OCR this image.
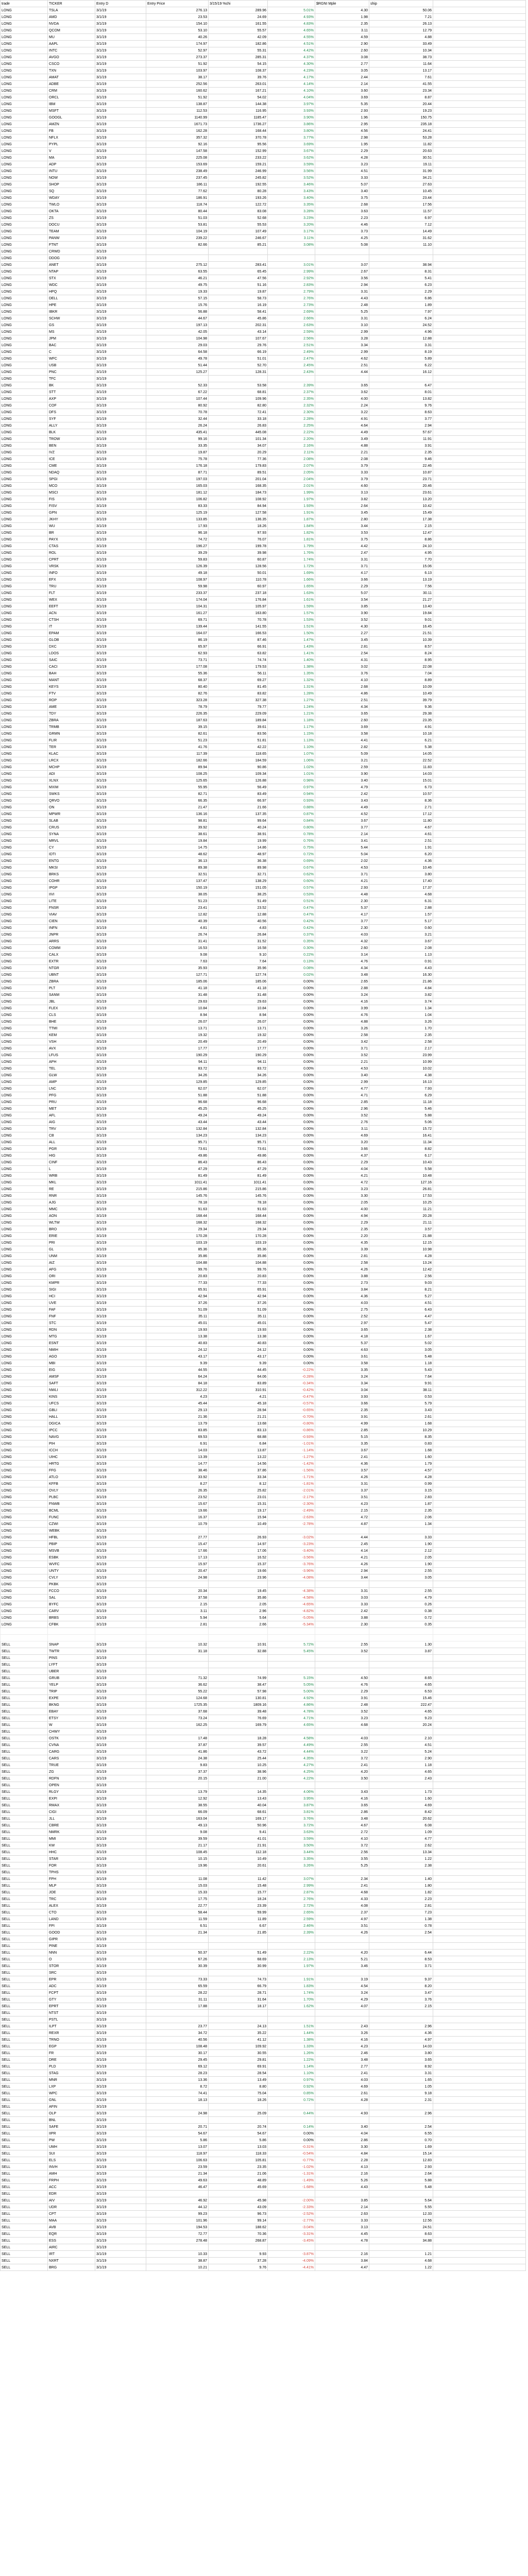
trade	TICKER	Entry D	Entry Price	3/15/19 %chi		$RGNI Mple	ship	
LONG	TSLA	3/1/19	276.13	289.96	5.01%	4.30	50.06	
LONG	AMD	3/1/19	23.53	24.69	4.93%	1.98	7.21	
LONG	NVDA	3/1/19	154.10	161.55	4.83%	2.35	26.13	
LONG	QCOM	3/1/19	53.10	55.57	4.65%	3.11	12.79	
LONG	MU	3/1/19	40.26	42.09	4.55%	4.59	4.88	
LONG	AAPL	3/1/19	174.97	182.86	4.51%	2.90	33.49	
LONG	INTC	3/1/19	52.97	55.31	4.42%	2.60	10.34	
LONG	AVGO	3/1/19	273.37	285.31	4.37%	3.08	38.73	
LONG	CSCO	3/1/19	51.92	54.15	4.30%	2.77	11.64	
LONG	TXN	3/1/19	103.97	108.37	4.23%	3.05	13.17	
LONG	AMAT	3/1/19	38.17	39.76	4.17%	2.44	7.61	
LONG	ADBE	3/1/19	252.56	263.01	4.14%	2.14	41.55	
LONG	CRM	3/1/19	160.62	167.21	4.10%	3.60	23.34	
LONG	ORCL	3/1/19	51.92	54.02	4.04%	3.69	8.87	
LONG	IBM	3/1/19	138.87	144.38	3.97%	5.35	20.44	
LONG	MSFT	3/1/19	112.53	116.95	3.93%	2.93	19.23	
LONG	GOOGL	3/1/19	1140.99	1185.47	3.90%	1.96	150.75	
LONG	AMZN	3/1/19	1671.73	1736.27	3.86%	2.95	235.18	
LONG	FB	3/1/19	162.28	168.44	3.80%	4.56	24.41	
LONG	NFLX	3/1/19	357.32	370.78	3.77%	2.98	53.28	
LONG	PYPL	3/1/19	92.16	95.56	3.69%	1.95	11.82	
LONG	V	3/1/19	147.58	152.99	3.67%	2.29	20.63	
LONG	MA	3/1/19	225.08	233.22	3.62%	4.28	30.51	
LONG	ADP	3/1/19	153.69	159.21	3.59%	3.23	19.11	
LONG	INTU	3/1/19	238.49	246.99	3.56%	4.51	31.99	
LONG	NOW	3/1/19	237.45	245.82	3.52%	3.33	34.21	
LONG	SHOP	3/1/19	186.11	192.55	3.46%	5.07	27.63	
LONG	SQ	3/1/19	77.62	80.28	3.43%	3.40	10.45	
LONG	WDAY	3/1/19	186.91	193.26	3.40%	3.75	23.44	
LONG	TWLO	3/1/19	118.74	122.72	3.35%	2.68	17.56	
LONG	OKTA	3/1/19	80.44	83.08	3.28%	3.63	11.57	
LONG	ZS	3/1/19	51.03	52.68	3.23%	2.23	6.97	
LONG	DOCU	3/1/19	53.81	55.53	3.20%	4.46	7.12	
LONG	TEAM	3/1/19	104.19	107.49	3.17%	3.73	14.49	
LONG	PANW	3/1/19	239.22	246.67	3.11%	4.25	31.62	
LONG	FTNT	3/1/19	82.66	85.21	3.08%	5.08	11.10	
LONG	CRWD	3/1/19						
LONG	DDOG	3/1/19						
LONG	ANET	3/1/19	275.12	283.41	3.01%	3.07	38.94	
LONG	NTAP	3/1/19	63.55	65.45	2.99%	2.67	8.31	
LONG	STX	3/1/19	46.21	47.56	2.92%	3.56	5.41	
LONG	WDC	3/1/19	49.75	51.16	2.83%	2.94	6.23	
LONG	HPQ	3/1/19	19.33	19.87	2.79%	3.31	2.29	
LONG	DELL	3/1/19	57.15	58.73	2.76%	4.43	6.86	
LONG	HPE	3/1/19	15.76	16.19	2.73%	2.48	1.89	
LONG	IBKR	3/1/19	56.88	58.41	2.69%	5.25	7.97	
LONG	SCHW	3/1/19	44.67	45.86	2.66%	3.31	6.24	
LONG	GS	3/1/19	197.13	202.31	2.63%	3.10	24.52	
LONG	MS	3/1/19	42.05	43.14	2.59%	2.99	4.96	
LONG	JPM	3/1/19	104.98	107.67	2.56%	3.28	12.88	
LONG	BAC	3/1/19	29.03	29.76	2.51%	3.34	3.31	
LONG	C	3/1/19	64.58	66.19	2.49%	2.99	8.19	
LONG	WFC	3/1/19	49.78	51.01	2.47%	4.62	5.89	
LONG	USB	3/1/19	51.44	52.70	2.45%	2.51	6.22	
LONG	PNC	3/1/19	125.27	128.31	2.43%	4.44	16.12	
LONG	TFC	3/1/19						
LONG	BK	3/1/19	52.33	53.58	2.39%	3.65	6.47	
LONG	STT	3/1/19	67.22	68.81	2.37%	3.62	8.01	
LONG	AXP	3/1/19	107.44	109.96	2.35%	4.00	13.82	
LONG	COF	3/1/19	80.92	82.80	2.32%	2.24	9.76	
LONG	DFS	3/1/19	70.78	72.41	2.30%	3.22	8.63	
LONG	SYF	3/1/19	32.44	33.18	2.28%	4.91	3.77	
LONG	ALLY	3/1/19	26.24	26.83	2.25%	4.64	2.94	
LONG	BLK	3/1/19	435.41	445.08	2.22%	4.49	57.67	
LONG	TROW	3/1/19	99.16	101.34	2.20%	3.49	11.91	
LONG	BEN	3/1/19	33.35	34.07	2.16%	4.88	3.91	
LONG	IVZ	3/1/19	19.87	20.29	2.11%	2.21	2.35	
LONG	ICE	3/1/19	75.78	77.36	2.08%	2.08	9.46	
LONG	CME	3/1/19	176.18	179.83	2.07%	3.79	22.46	
LONG	NDAQ	3/1/19	87.71	89.51	2.05%	3.33	10.87	
LONG	SPGI	3/1/19	197.03	201.04	2.04%	3.79	23.71	
LONG	MCO	3/1/19	165.03	168.35	2.01%	4.60	20.46	
LONG	MSCI	3/1/19	181.12	184.73	1.99%	3.13	23.61	
LONG	FIS	3/1/19	106.82	108.92	1.97%	3.82	13.20	
LONG	FISV	3/1/19	83.33	84.94	1.93%	2.64	10.42	
LONG	GPN	3/1/19	125.19	127.58	1.91%	3.45	15.49	
LONG	JKHY	3/1/19	133.85	136.35	1.87%	2.80	17.38	
LONG	WU	3/1/19	17.93	18.26	1.84%	3.44	2.15	
LONG	BR	3/1/19	96.18	97.93	1.82%	3.53	12.47	
LONG	PAYX	3/1/19	74.72	76.07	1.81%	3.75	8.86	
LONG	CTAS	3/1/19	196.27	199.78	1.79%	4.42	24.10	
LONG	ROL	3/1/19	39.29	39.98	1.76%	2.47	4.95	
LONG	CPRT	3/1/19	59.83	60.87	1.74%	3.31	7.70	
LONG	VRSK	3/1/19	126.39	128.56	1.72%	3.71	15.06	
LONG	INFO	3/1/19	49.18	50.01	1.69%	4.17	6.13	
LONG	EFX	3/1/19	108.97	110.78	1.66%	3.66	13.19	
LONG	TRU	3/1/19	59.98	60.97	1.65%	2.29	7.56	
LONG	FLT	3/1/19	233.37	237.18	1.63%	5.07	30.11	
LONG	WEX	3/1/19	174.04	176.84	1.61%	3.54	21.27	
LONG	EEFT	3/1/19	104.31	105.97	1.59%	3.85	13.40	
LONG	ACN	3/1/19	161.27	163.80	1.57%	3.90	19.84	
LONG	CTSH	3/1/19	69.71	70.78	1.53%	3.52	9.01	
LONG	IT	3/1/19	139.44	141.55	1.51%	4.30	16.45	
LONG	EPAM	3/1/19	164.07	166.53	1.50%	2.27	21.51	
LONG	GLOB	3/1/19	86.19	87.46	1.47%	3.45	10.39	
LONG	DXC	3/1/19	65.97	66.91	1.43%	2.81	8.57	
LONG	LDOS	3/1/19	62.93	63.82	1.41%	2.54	8.24	
LONG	SAIC	3/1/19	73.71	74.74	1.40%	4.31	8.95	
LONG	CACI	3/1/19	177.08	179.53	1.38%	3.02	22.08	
LONG	BAH	3/1/19	55.36	56.11	1.35%	3.76	7.04	
LONG	MANT	3/1/19	68.37	69.27	1.32%	4.10	8.89	
LONG	KEYS	3/1/19	80.40	81.45	1.31%	2.68	10.09	
LONG	FTV	3/1/19	82.76	83.82	1.28%	4.86	10.49	
LONG	ROP	3/1/19	323.28	327.38	1.27%	2.51	39.79	
LONG	AME	3/1/19	78.79	79.77	1.24%	4.34	9.36	
LONG	TDY	3/1/19	226.35	229.09	1.21%	3.65	29.38	
LONG	ZBRA	3/1/19	187.63	189.84	1.18%	2.60	23.35	
LONG	TRMB	3/1/19	39.15	39.61	1.17%	3.69	4.91	
LONG	GRMN	3/1/19	82.61	83.56	1.15%	3.58	10.18	
LONG	FLIR	3/1/19	51.23	51.81	1.13%	4.41	6.21	
LONG	TER	3/1/19	41.76	42.22	1.10%	2.82	5.38	
LONG	KLAC	3/1/19	117.39	118.65	1.07%	5.09	14.05	
LONG	LRCX	3/1/19	182.66	184.59	1.06%	3.21	22.52	
LONG	MCHP	3/1/19	89.94	90.86	1.02%	2.59	11.83	
LONG	ADI	3/1/19	108.25	109.34	1.01%	3.90	14.03	
LONG	XLNX	3/1/19	125.65	126.88	0.98%	3.40	15.01	
LONG	MXIM	3/1/19	55.95	56.49	0.97%	4.79	6.73	
LONG	SWKS	3/1/19	82.71	83.49	0.94%	2.42	10.57	
LONG	QRVO	3/1/19	66.35	66.97	0.93%	3.43	8.36	
LONG	ON	3/1/19	21.47	21.66	0.88%	4.49	2.71	
LONG	MPWR	3/1/19	136.16	137.35	0.87%	4.52	17.12	
LONG	SLAB	3/1/19	98.81	99.64	0.84%	3.67	11.80	
LONG	CRUS	3/1/19	39.92	40.24	0.80%	3.77	4.67	
LONG	SYNA	3/1/19	38.61	38.91	0.78%	2.14	4.61	
LONG	MRVL	3/1/19	19.84	19.99	0.76%	3.41	2.51	
LONG	CY	3/1/19	14.75	14.86	0.75%	5.44	1.91	
LONG	IDTI	3/1/19	48.62	48.97	0.72%	5.04	6.20	
LONG	ENTG	3/1/19	36.13	36.38	0.69%	2.02	4.36	
LONG	MKSI	3/1/19	89.38	89.98	0.67%	4.53	10.46	
LONG	BRKS	3/1/19	32.51	32.71	0.62%	3.71	3.80	
LONG	COHR	3/1/19	137.47	138.29	0.60%	4.21	17.40	
LONG	IPGP	3/1/19	150.19	151.05	0.57%	2.93	17.37	
LONG	IIVI	3/1/19	38.05	38.25	0.53%	4.48	4.68	
LONG	LITE	3/1/19	51.23	51.49	0.51%	2.30	6.31	
LONG	FNSR	3/1/19	23.41	23.52	0.47%	5.37	2.88	
LONG	VIAV	3/1/19	12.82	12.88	0.47%	4.17	1.57	
LONG	CIEN	3/1/19	40.39	40.56	0.42%	3.77	5.17	
LONG	INFN	3/1/19	4.81	4.83	0.42%	2.30	0.60	
LONG	JNPR	3/1/19	26.74	26.84	0.37%	4.03	3.21	
LONG	ARRS	3/1/19	31.41	31.52	0.35%	4.32	3.67	
LONG	COMM	3/1/19	16.53	16.58	0.30%	2.60	2.08	
LONG	CALX	3/1/19	9.08	9.10	0.22%	3.14	1.13	
LONG	EXTR	3/1/19	7.63	7.64	0.13%	4.76	0.91	
LONG	NTGR	3/1/19	35.93	35.96	0.08%	4.34	4.43	
LONG	UBNT	3/1/19	127.71	127.74	0.02%	3.48	16.30	
LONG	ZBRA	3/1/19	185.06	185.06	0.00%	2.65	21.86	
LONG	PLT	3/1/19	41.18	41.18	0.00%	2.88	4.84	
LONG	SANM	3/1/19	31.48	31.48	0.00%	3.24	3.82	
LONG	JBL	3/1/19	29.63	29.63	0.00%	4.16	3.74	
LONG	FLEX	3/1/19	10.84	10.84	0.00%	3.99	1.34	
LONG	CLS	3/1/19	8.94	8.94	0.00%	4.76	1.04	
LONG	BHE	3/1/19	26.07	26.07	0.00%	4.88	3.26	
LONG	TTMI	3/1/19	13.71	13.71	0.00%	3.26	1.70	
LONG	KEM	3/1/19	19.32	19.32	0.00%	2.58	2.35	
LONG	VSH	3/1/19	20.49	20.49	0.00%	3.42	2.58	
LONG	AVX	3/1/19	17.77	17.77	0.00%	3.71	2.17	
LONG	LFUS	3/1/19	190.29	190.29	0.00%	3.52	23.99	
LONG	APH	3/1/19	94.11	94.11	0.00%	2.21	10.99	
LONG	TEL	3/1/19	83.72	83.72	0.00%	4.53	10.02	
LONG	GLW	3/1/19	34.26	34.26	0.00%	3.40	4.38	
LONG	AMP	3/1/19	129.85	129.85	0.00%	2.99	16.13	
LONG	LNC	3/1/19	62.07	62.07	0.00%	4.77	7.93	
LONG	PFG	3/1/19	51.88	51.88	0.00%	4.71	6.29	
LONG	PRU	3/1/19	96.68	96.68	0.00%	2.85	11.18	
LONG	MET	3/1/19	45.25	45.25	0.00%	2.96	5.46	
LONG	AFL	3/1/19	49.24	49.24	0.00%	3.52	5.88	
LONG	AIG	3/1/19	43.44	43.44	0.00%	2.76	5.06	
LONG	TRV	3/1/19	132.84	132.84	0.00%	3.11	15.72	
LONG	CB	3/1/19	134.23	134.23	0.00%	4.69	16.41	
LONG	ALL	3/1/19	95.71	95.71	0.00%	3.20	11.34	
LONG	PGR	3/1/19	73.61	73.61	0.00%	3.66	8.82	
LONG	HIG	3/1/19	49.86	49.86	0.00%	4.37	6.17	
LONG	CINF	3/1/19	86.43	86.43	0.00%	2.29	10.43	
LONG	L	3/1/19	47.29	47.29	0.00%	4.04	5.58	
LONG	WRB	3/1/19	81.49	81.49	0.00%	4.21	10.48	
LONG	MKL	3/1/19	1011.41	1011.41	0.00%	4.72	127.16	
LONG	RE	3/1/19	215.86	215.86	0.00%	3.23	26.81	
LONG	RNR	3/1/19	145.76	145.76	0.00%	3.30	17.53	
LONG	AJG	3/1/19	78.18	78.18	0.00%	2.05	10.25	
LONG	MMC	3/1/19	91.63	91.63	0.00%	4.00	11.21	
LONG	AON	3/1/19	168.44	168.44	0.00%	4.94	20.28	
LONG	WLTW	3/1/19	168.32	168.32	0.00%	2.29	21.11	
LONG	BRO	3/1/19	29.34	29.34	0.00%	2.35	3.57	
LONG	ERIE	3/1/19	170.28	170.28	0.00%	2.20	21.88	
LONG	PRI	3/1/19	103.19	103.19	0.00%	4.35	12.15	
LONG	GL	3/1/19	85.36	85.36	0.00%	3.39	10.98	
LONG	UNM	3/1/19	35.86	35.86	0.00%	2.81	4.28	
LONG	AIZ	3/1/19	104.88	104.88	0.00%	2.58	13.24	
LONG	AFG	3/1/19	99.76	99.76	0.00%	4.26	12.42	
LONG	ORI	3/1/19	20.83	20.83	0.00%	3.88	2.56	
LONG	KMPR	3/1/19	77.33	77.33	0.00%	2.73	9.03	
LONG	SIGI	3/1/19	65.91	65.91	0.00%	3.84	8.21	
LONG	HCI	3/1/19	42.94	42.94	0.00%	4.36	5.27	
LONG	UVE	3/1/19	37.26	37.26	0.00%	4.03	4.51	
LONG	FAF	3/1/19	51.09	51.09	0.00%	2.75	6.43	
LONG	FNF	3/1/19	35.11	35.11	0.00%	2.52	4.47	
LONG	STC	3/1/19	45.01	45.01	0.00%	2.97	5.47	
LONG	RDN	3/1/19	19.93	19.93	0.00%	3.65	2.38	
LONG	MTG	3/1/19	13.38	13.38	0.00%	4.18	1.67	
LONG	ESNT	3/1/19	40.83	40.83	0.00%	5.37	5.02	
LONG	NMIH	3/1/19	24.12	24.12	0.00%	4.63	3.05	
LONG	AGO	3/1/19	43.17	43.17	0.00%	3.61	5.48	
LONG	MBI	3/1/19	9.39	9.39	0.00%	3.58	1.18	
LONG	EIG	3/1/19	44.55	44.45	-0.22%	3.35	5.43	
LONG	AMSF	3/1/19	64.24	64.06	-0.28%	3.24	7.64	
LONG	SAFT	3/1/19	84.18	83.89	-0.34%	3.34	9.91	
LONG	NWLI	3/1/19	312.22	310.91	-0.42%	3.04	38.11	
LONG	KINS	3/1/19	4.23	4.21	-0.47%	3.93	0.53	
LONG	UFCS	3/1/19	45.44	45.18	-0.57%	3.66	5.79	
LONG	GBLI	3/1/19	29.13	28.94	-0.65%	2.35	3.43	
LONG	HALL	3/1/19	21.36	21.21	-0.70%	3.91	2.61	
LONG	DGICA	3/1/19	13.79	13.68	-0.80%	4.99	1.68	
LONG	IPCC	3/1/19	83.85	83.13	-0.86%	2.85	10.29	
LONG	NAVG	3/1/19	69.53	68.88	-0.93%	5.15	8.35	
LONG	PIH	3/1/19	6.91	6.84	-1.01%	3.35	0.83	
LONG	ICCH	3/1/19	14.03	13.87	-1.14%	3.67	1.68	
LONG	UIHC	3/1/19	13.39	13.22	-1.27%	2.41	1.60	
LONG	HRTG	3/1/19	14.77	14.56	-1.42%	4.36	1.79	
LONG	FFG	3/1/19	38.46	37.86	-1.56%	3.57	4.57	
LONG	ATLO	3/1/19	33.92	33.34	-1.71%	4.26	4.28	
LONG	KFFB	3/1/19	8.27	8.12	-1.81%	3.31	0.99	
LONG	OVLY	3/1/19	26.35	25.82	-2.01%	3.37	3.15	
LONG	PLBC	3/1/19	23.52	23.01	-2.17%	3.51	2.83	
LONG	FNWB	3/1/19	15.67	15.31	-2.30%	4.23	1.87	
LONG	BCML	3/1/19	19.66	19.17	-2.49%	2.15	2.35	
LONG	FUNC	3/1/19	16.37	15.94	-2.63%	4.72	2.06	
LONG	CZWI	3/1/19	10.79	10.49	-2.78%	4.87	1.34	
LONG	WEBK	3/1/19						
LONG	HFBL	3/1/19	27.77	26.93	-3.02%	4.44	3.33	
LONG	PBIP	3/1/19	15.47	14.97	-3.23%	2.45	1.90	
LONG	MSVB	3/1/19	17.66	17.06	-3.40%	4.14	2.12	
LONG	ESBK	3/1/19	17.13	16.52	-3.56%	4.21	2.05	
LONG	WVFC	3/1/19	15.97	15.37	-3.76%	4.26	1.90	
LONG	UNTY	3/1/19	20.47	19.66	-3.96%	2.94	2.55	
LONG	CVLY	3/1/19	24.98	23.96	-4.08%	3.44	3.05	
LONG	PKBK	3/1/19						
LONG	FCCO	3/1/19	20.34	19.45	-4.38%	3.31	2.55	
LONG	SAL	3/1/19	37.58	35.86	-4.58%	3.03	4.79	
LONG	BYFC	3/1/19	2.15	2.05	-4.65%	3.33	0.26	
LONG	CARV	3/1/19	3.11	2.96	-4.82%	2.42	0.38	
LONG	BRBS	3/1/19	5.94	5.64	-5.05%	3.88	0.72	
LONG	CFBK	3/1/19	2.81	2.66	-5.34%	2.30	0.35	

SELL	SNAP	3/1/19	10.32	10.91	5.72%	2.55	1.30	
SELL	TWTR	3/1/19	31.18	32.88	5.45%	3.52	3.87	
SELL	PINS	3/1/19						
SELL	LYFT	3/1/19						
SELL	UBER	3/1/19						
SELL	GRUB	3/1/19	71.32	74.99	5.15%	4.50	8.65	
SELL	YELP	3/1/19	36.62	38.47	5.05%	4.76	4.65	
SELL	TRIP	3/1/19	55.22	57.98	5.00%	2.29	6.53	
SELL	EXPE	3/1/19	124.68	130.81	4.92%	3.91	15.46	
SELL	BKNG	3/1/19	1725.35	1809.16	4.86%	2.48	222.47	
SELL	EBAY	3/1/19	37.68	39.48	4.78%	3.52	4.65	
SELL	ETSY	3/1/19	73.24	76.69	4.71%	3.23	9.23	
SELL	W	3/1/19	162.25	169.79	4.65%	4.68	20.24	
SELL	CHWY	3/1/19						
SELL	OSTK	3/1/19	17.48	18.28	4.58%	4.03	2.10	
SELL	CVNA	3/1/19	37.87	39.57	4.49%	2.55	4.51	
SELL	CARG	3/1/19	41.86	43.72	4.44%	3.22	5.24	
SELL	CARS	3/1/19	24.38	25.44	4.35%	3.72	2.90	
SELL	TRUE	3/1/19	9.83	10.25	4.27%	2.41	1.18	
SELL	ZG	3/1/19	37.37	38.96	4.25%	4.20	4.65	
SELL	RDFN	3/1/19	20.15	21.00	4.22%	3.50	2.43	
SELL	OPEN	3/1/19						
SELL	RLGY	3/1/19	13.79	14.35	4.06%	3.43	1.73	
SELL	EXPI	3/1/19	12.92	13.43	3.95%	4.16	1.60	
SELL	RMAX	3/1/19	38.55	40.04	3.87%	3.65	4.69	
SELL	CIGI	3/1/19	66.09	68.61	3.81%	2.86	8.42	
SELL	JLL	3/1/19	163.04	169.17	3.76%	3.48	20.62	
SELL	CBRE	3/1/19	49.13	50.96	3.72%	4.67	6.08	
SELL	NMRK	3/1/19	9.08	9.41	3.63%	2.72	1.09	
SELL	MMI	3/1/19	39.59	41.01	3.59%	4.10	4.77	
SELL	KW	3/1/19	21.17	21.91	3.50%	3.72	2.62	
SELL	HHC	3/1/19	108.45	112.18	3.44%	2.56	13.34	
SELL	STAR	3/1/19	10.15	10.49	3.35%	3.55	1.22	
SELL	FOR	3/1/19	19.96	20.61	3.26%	5.25	2.38	
SELL	TPHS	3/1/19						
SELL	FPH	3/1/19	11.08	11.42	3.07%	2.34	1.40	
SELL	MLP	3/1/19	15.03	15.48	2.99%	2.41	1.80	
SELL	JOE	3/1/19	15.33	15.77	2.87%	4.68	1.82	
SELL	TRC	3/1/19	17.75	18.24	2.76%	4.33	2.23	
SELL	ALEX	3/1/19	22.77	23.39	2.72%	4.08	2.81	
SELL	CTO	3/1/19	58.44	59.99	2.65%	2.37	7.23	
SELL	LAND	3/1/19	11.59	11.89	2.59%	4.97	1.38	
SELL	FPI	3/1/19	6.51	6.67	2.46%	3.51	0.78	
SELL	GOOD	3/1/19	21.34	21.85	2.39%	4.26	2.54	
SELL	GIPR	3/1/19						
SELL	PINE	3/1/19						
SELL	NNN	3/1/19	50.37	51.49	2.22%	4.20	6.44	
SELL	O	3/1/19	67.26	68.69	2.13%	5.21	8.53	
SELL	STOR	3/1/19	30.39	30.99	1.97%	3.46	3.71	
SELL	SRC	3/1/19						
SELL	EPR	3/1/19	73.33	74.73	1.91%	3.19	9.37	
SELL	ADC	3/1/19	65.59	66.79	1.83%	4.54	8.20	
SELL	FCPT	3/1/19	28.22	28.71	1.74%	3.24	3.47	
SELL	GTY	3/1/19	31.11	31.64	1.70%	4.29	3.76	
SELL	EPRT	3/1/19	17.88	18.17	1.62%	4.07	2.15	
SELL	NTST	3/1/19						
SELL	PSTL	3/1/19						
SELL	ILPT	3/1/19	23.77	24.13	1.51%	2.43	2.96	
SELL	REXR	3/1/19	34.72	35.22	1.44%	3.26	4.36	
SELL	TRNO	3/1/19	40.56	41.12	1.38%	4.16	4.97	
SELL	EGP	3/1/19	108.48	109.92	1.33%	4.23	14.03	
SELL	FR	3/1/19	30.17	30.55	1.26%	2.46	3.80	
SELL	DRE	3/1/19	29.45	29.81	1.22%	3.48	3.65	
SELL	PLD	3/1/19	69.12	69.91	1.14%	2.77	8.92	
SELL	STAG	3/1/19	28.23	28.54	1.10%	2.41	3.31	
SELL	MNR	3/1/19	13.36	13.49	0.97%	4.03	1.65	
SELL	LXP	3/1/19	8.72	8.80	0.92%	4.69	1.05	
SELL	WPC	3/1/19	74.41	75.04	0.85%	2.61	9.18	
SELL	GNL	3/1/19	18.13	18.26	0.72%	4.28	2.31	
SELL	AFIN	3/1/19						
SELL	OLP	3/1/19	24.98	25.09	0.44%	4.93	2.96	
SELL	BNL	3/1/19						
SELL	SAFE	3/1/19	20.71	20.74	0.14%	3.40	2.54	
SELL	IIPR	3/1/19	54.67	54.67	0.00%	4.04	6.55	
SELL	PW	3/1/19	5.86	5.86	0.00%	2.86	0.70	
SELL	UMH	3/1/19	13.07	13.03	-0.31%	3.30	1.69	
SELL	SUI	3/1/19	118.97	118.33	-0.54%	4.84	15.14	
SELL	ELS	3/1/19	106.63	105.81	-0.77%	2.28	12.83	
SELL	INVH	3/1/19	23.59	23.35	-1.02%	4.13	2.93	
SELL	AMH	3/1/19	21.34	21.06	-1.31%	2.16	2.64	
SELL	FRPH	3/1/19	49.63	48.89	-1.49%	5.26	5.88	
SELL	ACC	3/1/19	46.47	45.69	-1.68%	4.43	5.48	
SELL	EDR	3/1/19						
SELL	AIV	3/1/19	46.92	45.98	-2.00%	3.85	5.64	
SELL	UDR	3/1/19	44.12	43.09	-2.33%	2.14	5.55	
SELL	CPT	3/1/19	99.23	96.73	-2.52%	2.63	12.33	
SELL	MAA	3/1/19	101.96	99.14	-2.77%	3.33	12.56	
SELL	AVB	3/1/19	194.53	188.62	-3.04%	3.13	24.51	
SELL	EQR	3/1/19	72.77	70.36	-3.31%	4.45	8.63	
SELL	ESS	3/1/19	278.48	268.87	-3.45%	4.78	34.88	
SELL	AIRC	3/1/19						
SELL	IRT	3/1/19	10.33	9.93	-3.87%	2.16	1.21	
SELL	NXRT	3/1/19	38.87	37.28	-4.09%	3.84	4.68	
SELL	BRG	3/1/19	10.21	9.76	-4.41%	4.47	1.22	
